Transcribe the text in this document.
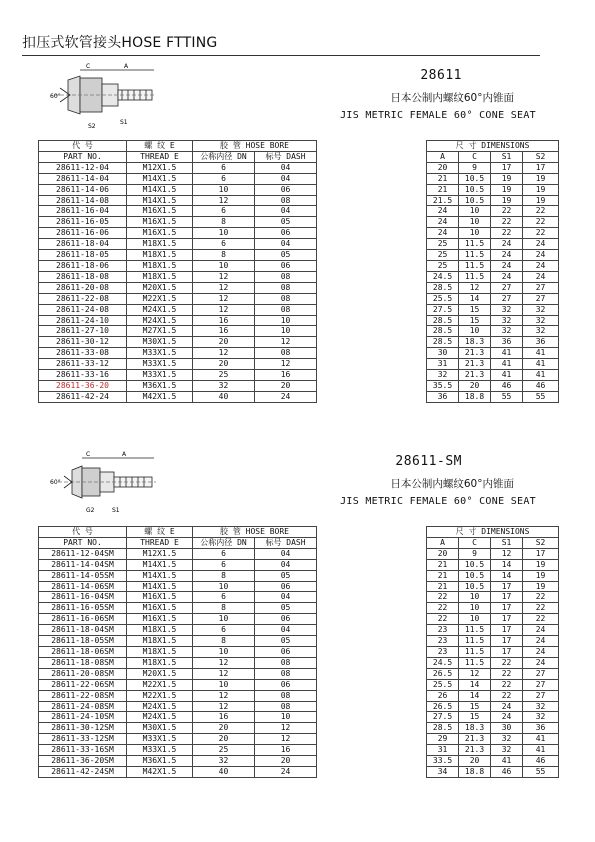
扣压式软管接头HOSE FTTING
C	A
60°
S2
S1
28611
日本公制内螺纹60°内锥面
JIS METRIC FEMALE 60° CONE SEAT
代 号	螺 纹 E	胶 管 HOSE BORE			尺 寸 DIMENSIONS			
PART NO.	THREAD E	公称内径 DN	标号 DASH		A	C	S1	S2
28611-12-04	M12X1.5	6	04		20	9	17	17
28611-14-04	M14X1.5	6	04		21	10.5	19	19
28611-14-06	M14X1.5	10	06		21	10.5	19	19
28611-14-08	M14X1.5	12	08		21.5	10.5	19	19
28611-16-04	M16X1.5	6	04		24	10	22	22
28611-16-05	M16X1.5	8	05		24	10	22	22
28611-16-06	M16X1.5	10	06		24	10	22	22
28611-18-04	M18X1.5	6	04		25	11.5	24	24
28611-18-05	M18X1.5	8	05		25	11.5	24	24
28611-18-06	M18X1.5	10	06		25	11.5	24	24
28611-18-08	M18X1.5	12	08		24.5	11.5	24	24
28611-20-08	M20X1.5	12	08		28.5	12	27	27
28611-22-08	M22X1.5	12	08		25.5	14	27	27
28611-24-08	M24X1.5	12	08		27.5	15	32	32
28611-24-10	M24X1.5	16	10		28.5	15	32	32
28611-27-10	M27X1.5	16	10		28.5	10	32	32
28611-30-12	M30X1.5	20	12		28.5	18.3	36	36
28611-33-08	M33X1.5	12	08		30	21.3	41	41
28611-33-12	M33X1.5	20	12		31	21.3	41	41
28611-33-16	M33X1.5	25	16		32	21.3	41	41
28611-36-20	M36X1.5	32	20		35.5	20	46	46
28611-42-24	M42X1.5	40	24		36	18.8	55	55
C	A
60°
G2	S1
28611-SM
日本公制内螺纹60°内锥面
JIS METRIC FEMALE 60° CONE SEAT
代 号	螺 纹 E	胶 管 HOSE BORE			尺 寸 DIMENSIONS			
PART NO.	THREAD E	公称内径 DN	标号 DASH		A	C	S1	S2
28611-12-04SM	M12X1.5	6	04		20	9	12	17
28611-14-04SM	M14X1.5	6	04		21	10.5	14	19
28611-14-05SM	M14X1.5	8	05		21	10.5	14	19
28611-14-06SM	M14X1.5	10	06		21	10.5	17	19
28611-16-04SM	M16X1.5	6	04		22	10	17	22
28611-16-05SM	M16X1.5	8	05		22	10	17	22
28611-16-06SM	M16X1.5	10	06		22	10	17	22
28611-18-04SM	M18X1.5	6	04		23	11.5	17	24
28611-18-05SM	M18X1.5	8	05		23	11.5	17	24
28611-18-06SM	M18X1.5	10	06		23	11.5	17	24
28611-18-08SM	M18X1.5	12	08		24.5	11.5	22	24
28611-20-08SM	M20X1.5	12	08		26.5	12	22	27
28611-22-06SM	M22X1.5	10	06		25.5	14	22	27
28611-22-08SM	M22X1.5	12	08		26	14	22	27
28611-24-08SM	M24X1.5	12	08		26.5	15	24	32
28611-24-10SM	M24X1.5	16	10		27.5	15	24	32
28611-30-12SM	M30X1.5	20	12		28.5	18.3	30	36
28611-33-12SM	M33X1.5	20	12		29	21.3	32	41
28611-33-16SM	M33X1.5	25	16		31	21.3	32	41
28611-36-20SM	M36X1.5	32	20		33.5	20	41	46
28611-42-24SM	M42X1.5	40	24		34	18.8	46	55
